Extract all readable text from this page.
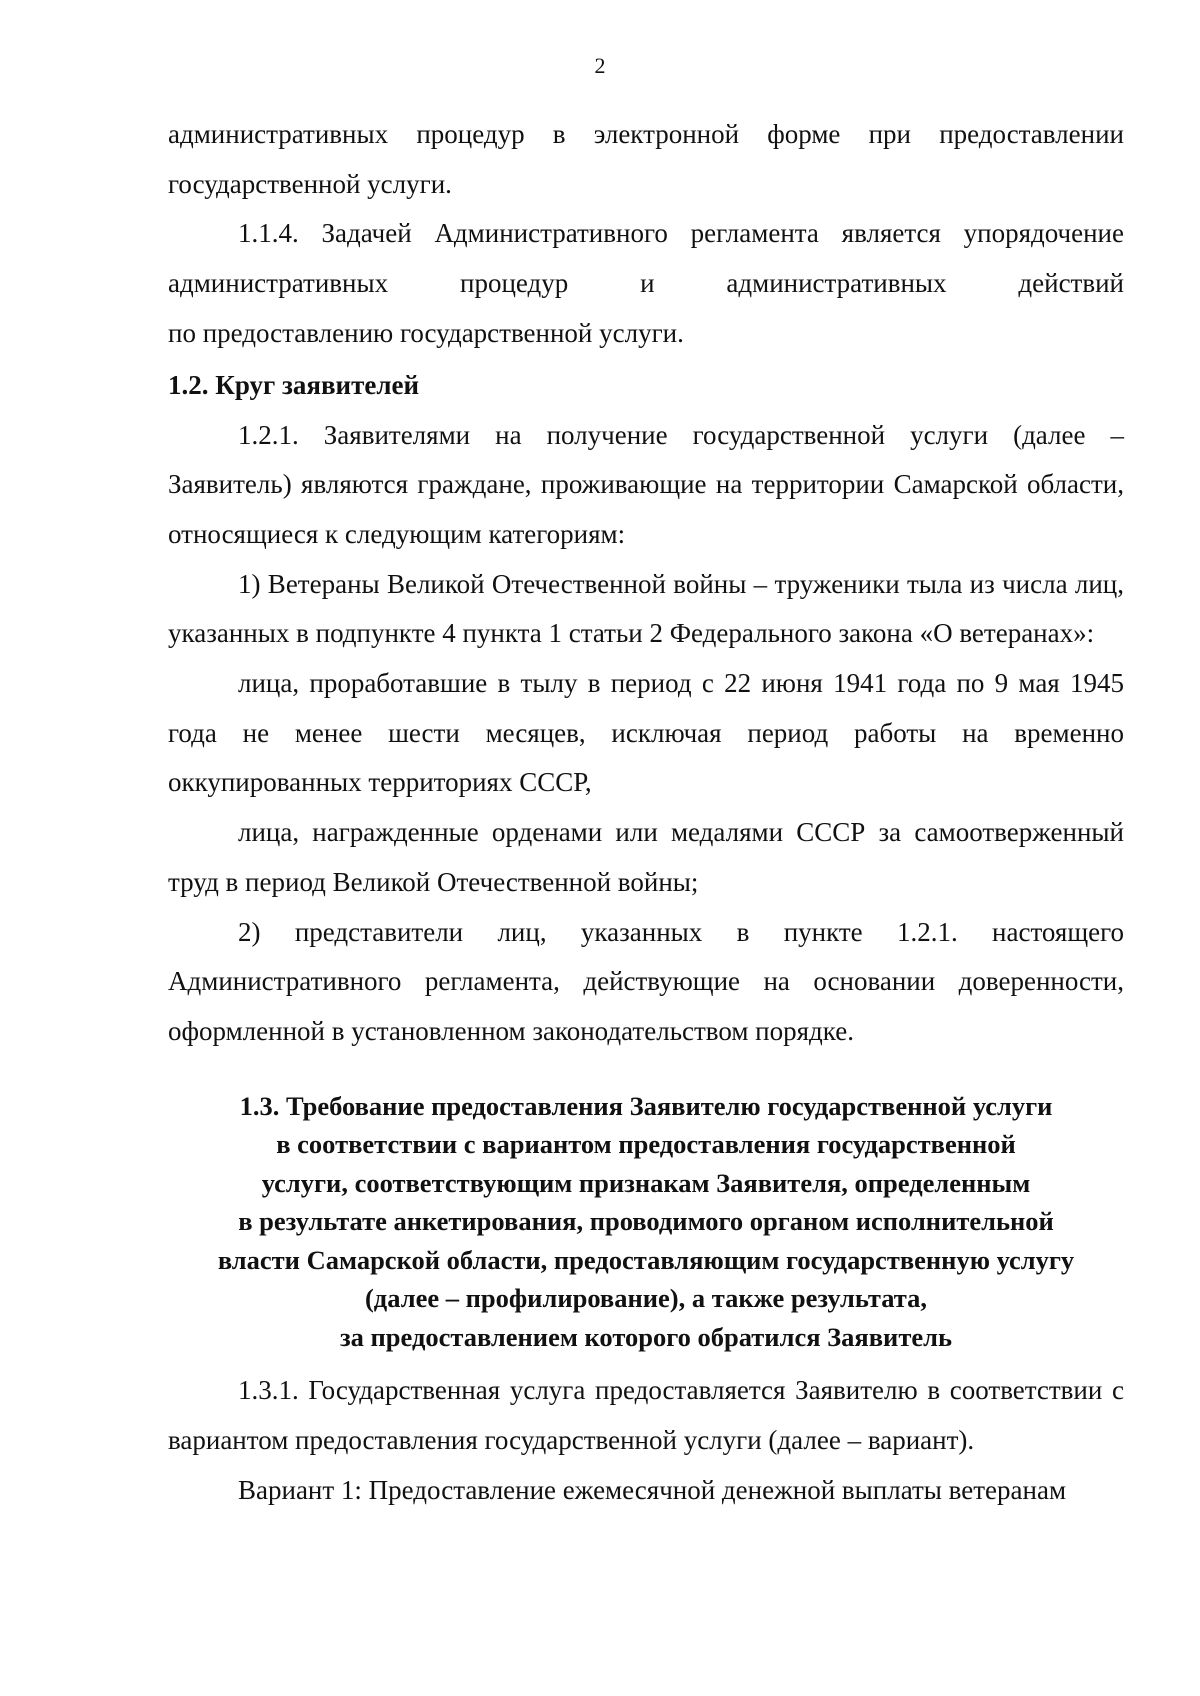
2

административных процедур в электронной форме при предоставлении

государственной услуги.

1.1.4. Задачей Административного регламента является упорядочение

административных процедур и административных действий

по предоставлению государственной услуги.

1.2. Круг заявителей

1.2.1. Заявителями на получение государственной услуги (далее – Заявитель) являются граждане, проживающие на территории Самарской области, относящиеся к следующим категориям:

1) Ветераны Великой Отечественной войны – труженики тыла из числа лиц, указанных в подпункте 4 пункта 1 статьи 2 Федерального закона «О ветеранах»:

лица, проработавшие в тылу в период с 22 июня 1941 года по 9 мая 1945 года не менее шести месяцев, исключая период работы на временно оккупированных территориях СССР,

лица, награжденные орденами или медалями СССР за самоотверженный труд в период Великой Отечественной войны;

2) представители лиц, указанных в пункте 1.2.1. настоящего Административного регламента, действующие на основании доверенности, оформленной в установленном законодательством порядке.

1.3. Требование предоставления Заявителю государственной услуги
в соответствии с вариантом предоставления государственной
услуги, соответствующим признакам Заявителя, определенным
в результате анкетирования, проводимого органом исполнительной
власти Самарской области, предоставляющим государственную услугу
(далее – профилирование), а также результата,
за предоставлением которого обратился Заявитель

1.3.1. Государственная услуга предоставляется Заявителю в соответствии с вариантом предоставления государственной услуги (далее – вариант).

Вариант 1: Предоставление ежемесячной денежной выплаты ветеранам
